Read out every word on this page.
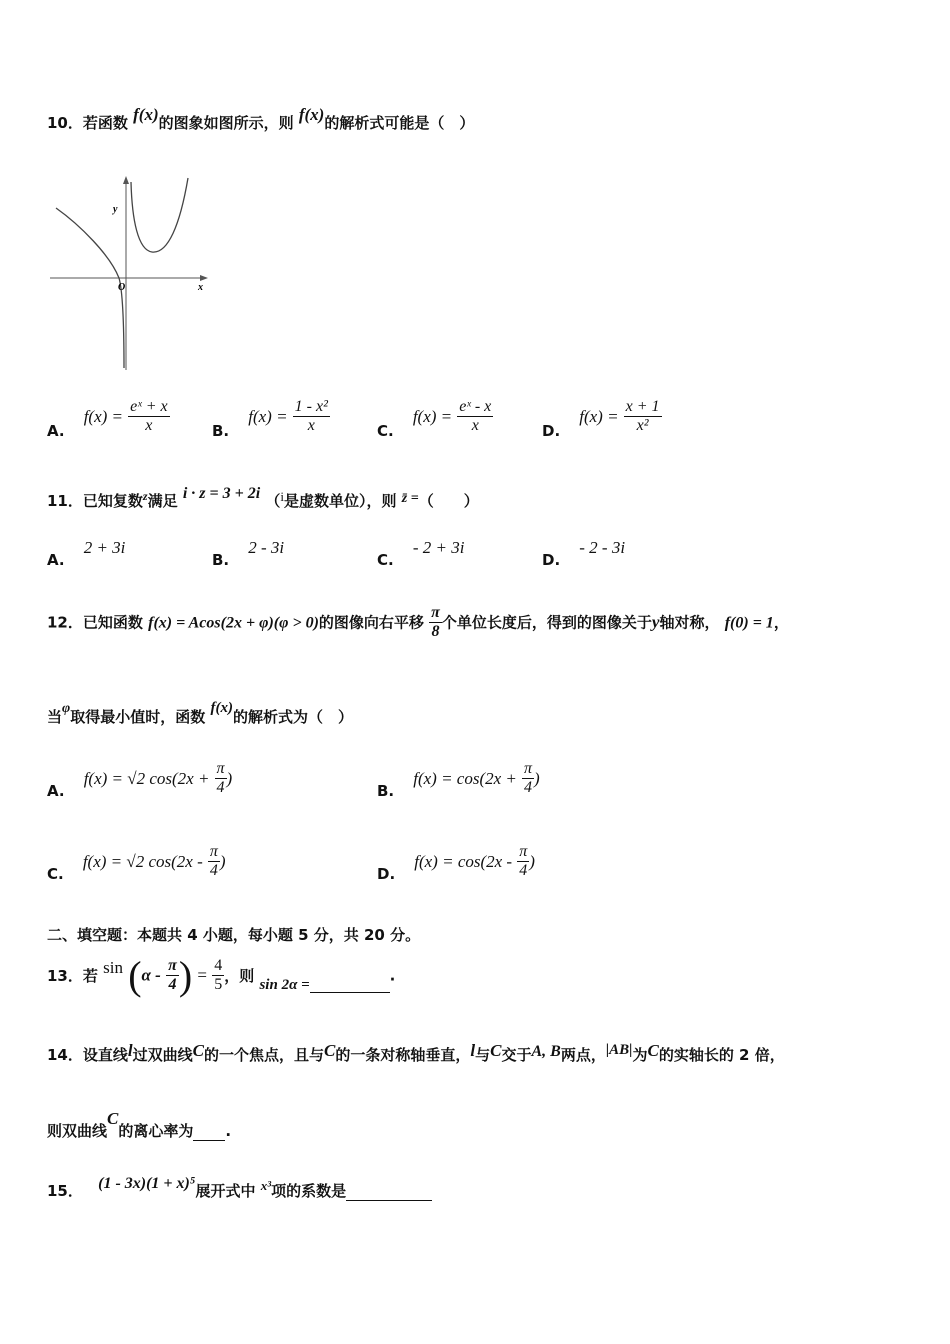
10．若函数 f(x)的图象如图所示，则 f(x)的解析式可能是（　）
y
x
O
A. $f(x) = \frac{\text{eˣ + x}}{x}$	B. $f(x) = \frac{\text{1 - x²}}{x}$	C. $f(x) = \frac{\text{eˣ - x}}{x}$	D. $f(x) = \frac{x + 1}{\text{x²}}$
11．已知复数$^z$满足 i · z = 3 + 2i （i是虚数单位），则 z̄ =（　　）
A. 2 + 3i
B. 2 - 3i
C. - 2 + 3i
D. - 2 - 3i
12．已知函数 f(x) = Acos(2x + φ)(φ > 0)的图像向右平移 $\frac{\pi}{8}$ 个单位长度后，得到的图像关于y轴对称， f(0) = 1，
当φ取得最小值时，函数 f(x)的解析式为（　）
A. f(x) = √2 $\cos(2x + \frac{\pi}{4}$ )
B. $f(x) = \cos(2x + \frac{\pi}{4}$ )
C. f(x) = √2 $\cos(2x - \frac{\pi}{4}$ )
D. $f(x) = \cos(2x - \frac{\pi}{4}$ )
二、填空题：本题共 4 小题，每小题 5 分，共 20 分。
13．若 $\sin (\alpha - \frac{\pi}{4}$ ) = $\frac{4}{5}$ ，则 sin 2α =.
14．设直线l过双曲线C的一个焦点，且与C的一条对称轴垂直，l与C交于A, B两点，|AB|为C的实轴长的 2 倍，
则双曲线C的离心率为 .
15． (1 - 3x)(1 + x)⁵展开式中 x³项的系数是
